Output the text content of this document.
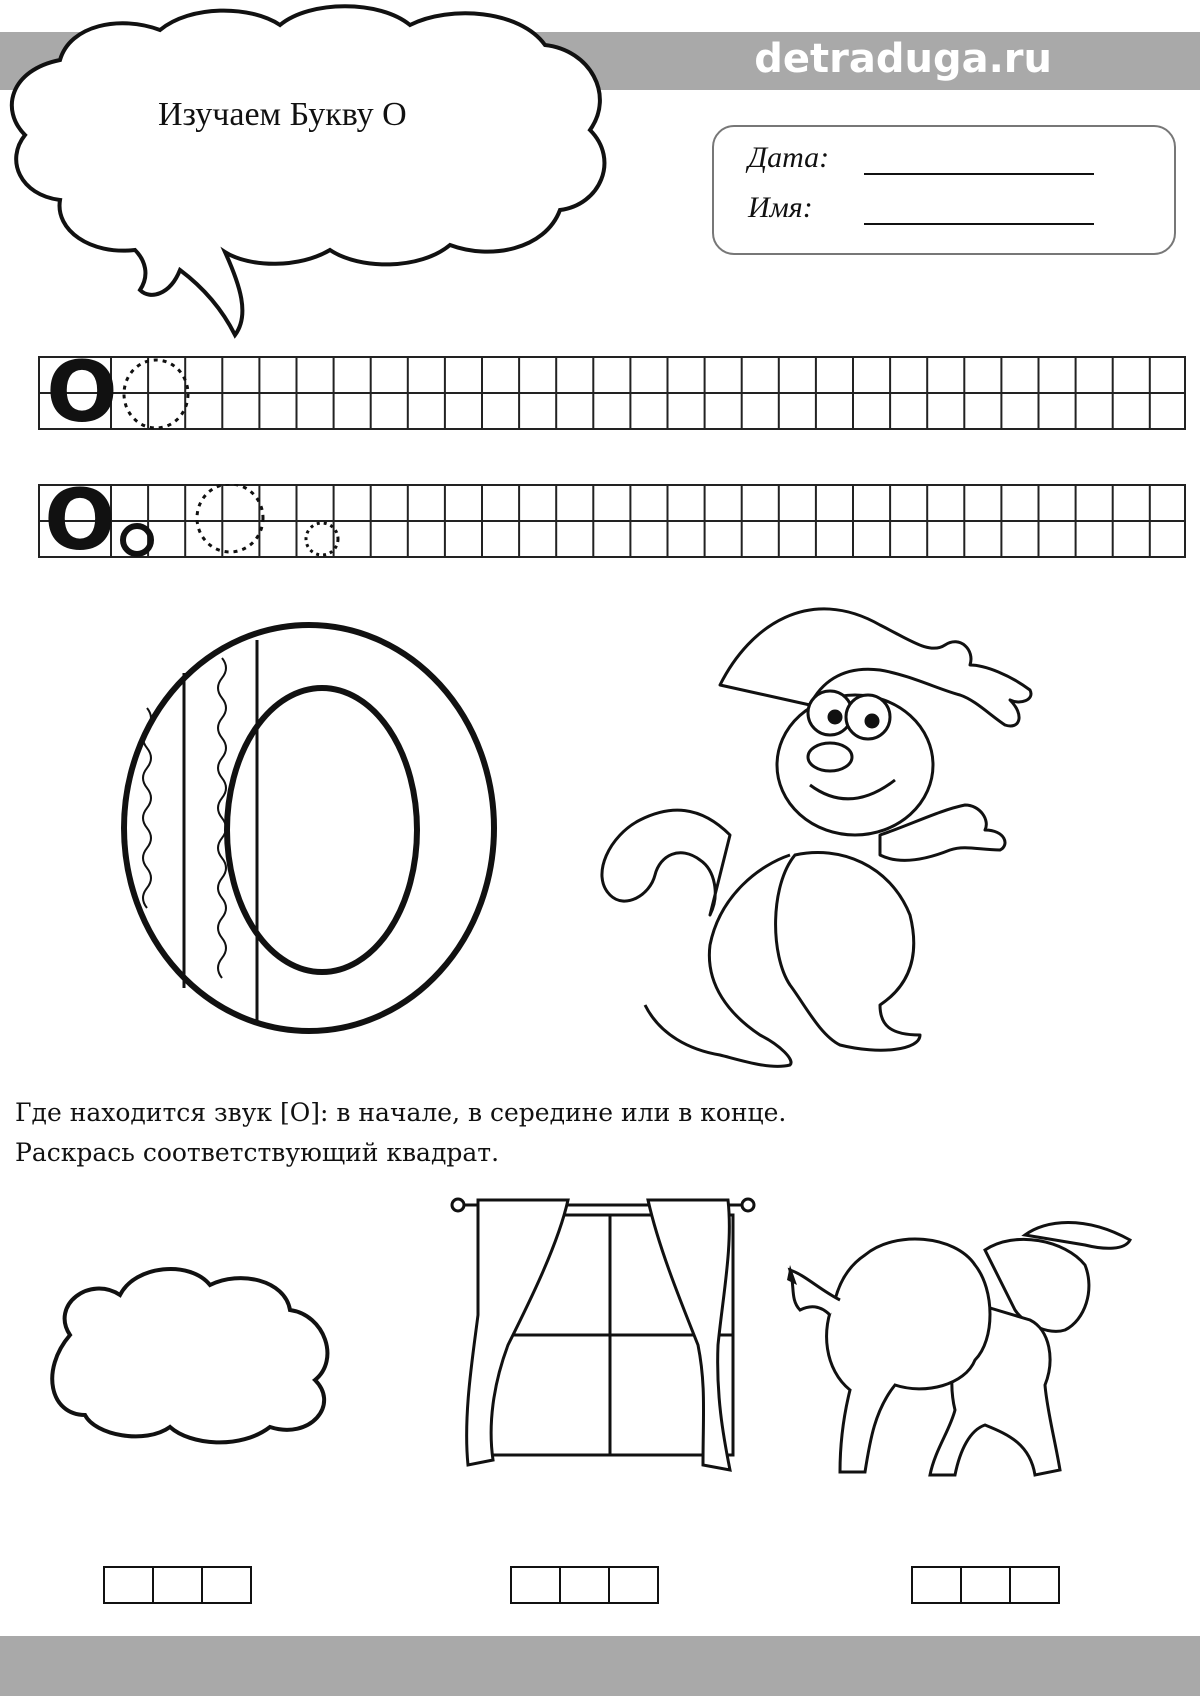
detraduga.ru
Изучаем Букву О
Дата:
Имя:
О
О
Где находится звук [О]: в начале, в середине или в конце.
Раскрась соответствующий квадрат.
